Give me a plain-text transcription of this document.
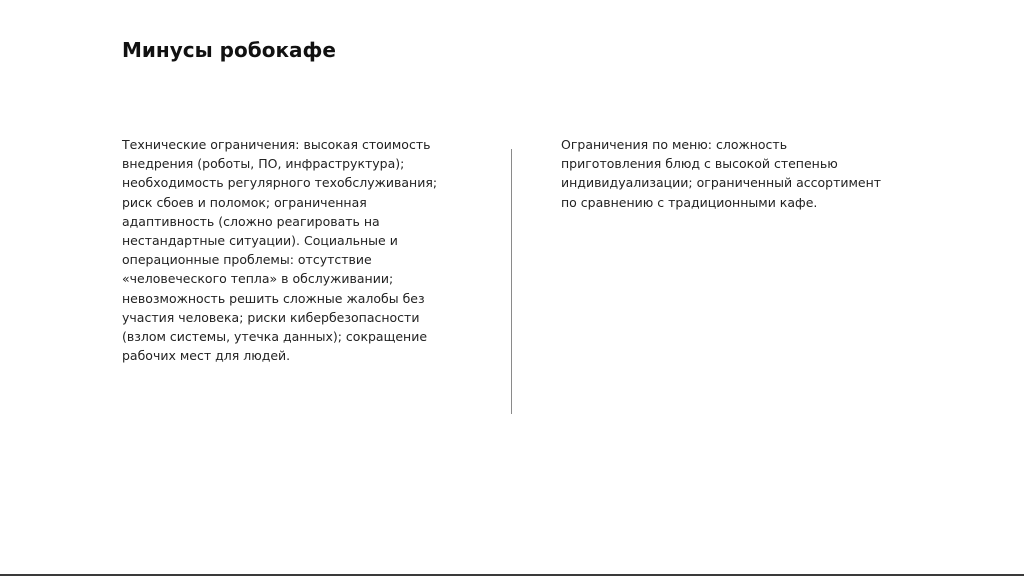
Минусы робокафе

Технические ограничения: высокая стоимость
внедрения (роботы, ПО, инфраструктура);
необходимость регулярного техобслуживания;
риск сбоев и поломок; ограниченная
адаптивность (сложно реагировать на
нестандартные ситуации). Социальные и
операционные проблемы: отсутствие
«человеческого тепла» в обслуживании;
невозможность решить сложные жалобы без
участия человека; риски кибербезопасности
(взлом системы, утечка данных); сокращение
рабочих мест для людей.

Ограничения по меню: сложность
приготовления блюд с высокой степенью
индивидуализации; ограниченный ассортимент
по сравнению с традиционными кафе.
